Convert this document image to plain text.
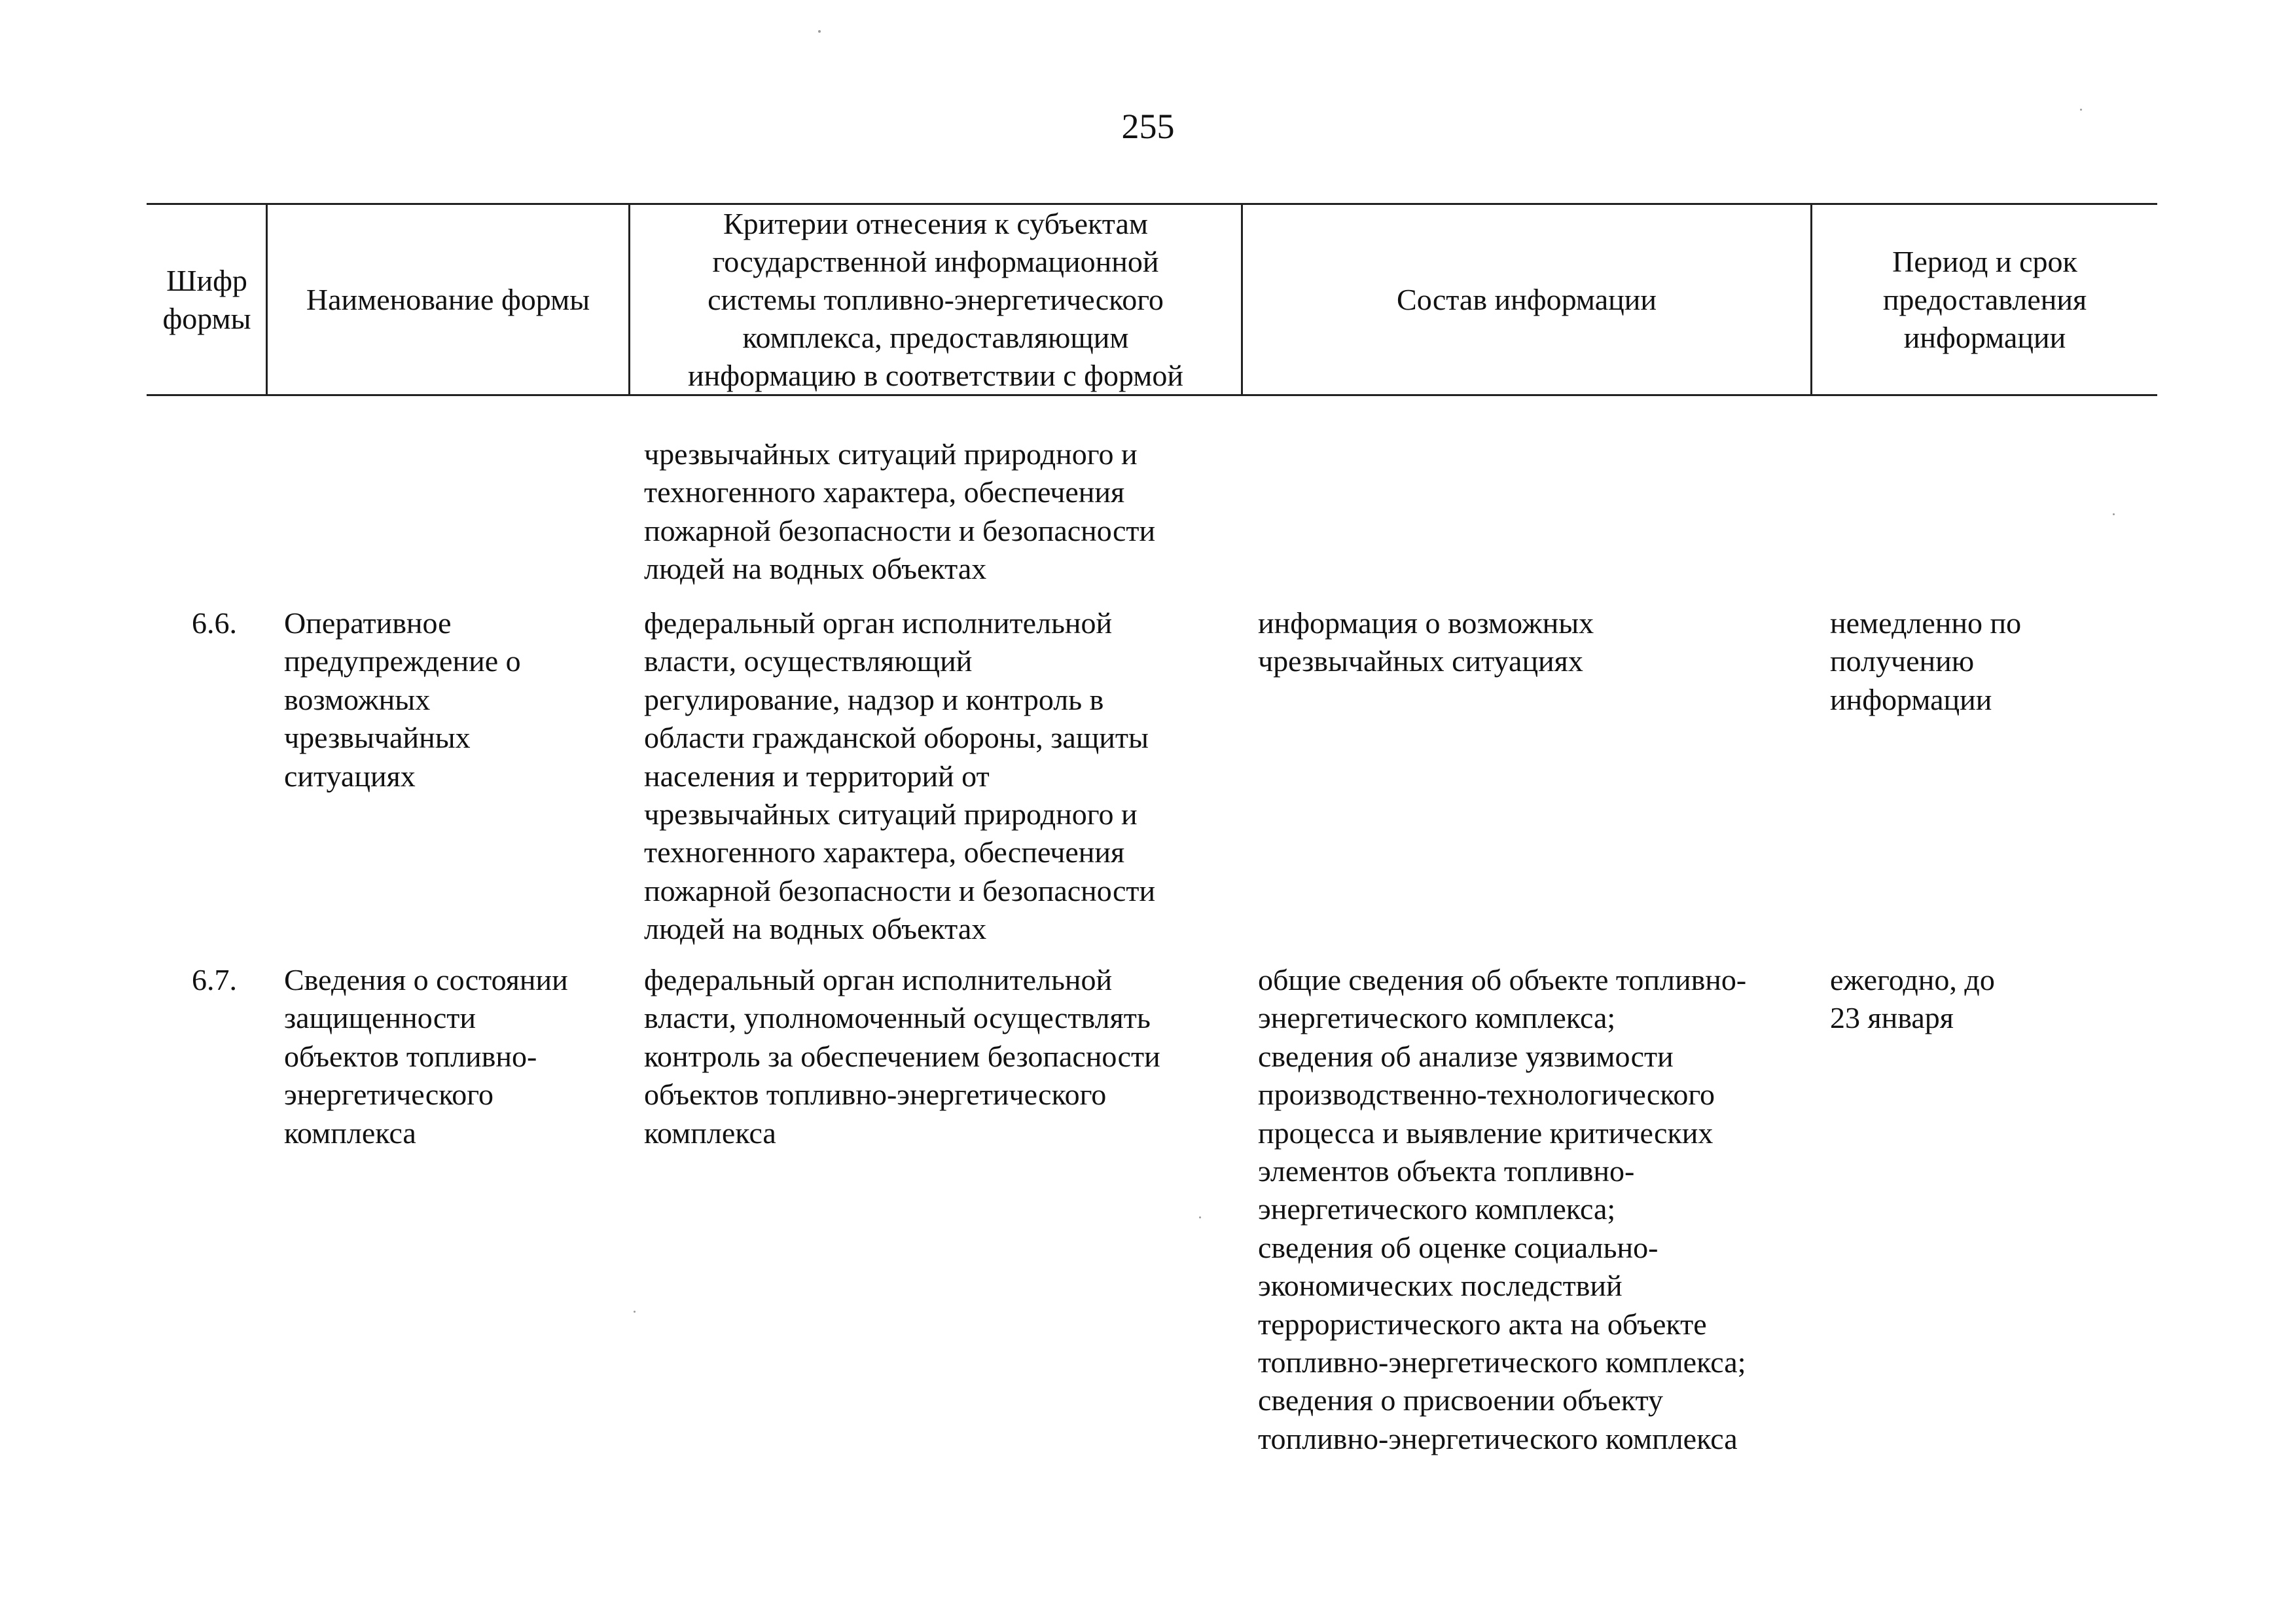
255
Шифр
формы
Наименование формы
Критерии отнесения к субъектам
государственной информационной
системы топливно-энергетического
комплекса, предоставляющим
информацию в соответствии с формой
Состав информации
Период и срок
предоставления
информации
чрезвычайных ситуаций природного и
техногенного характера, обеспечения
пожарной безопасности и безопасности
людей на водных объектах
6.6. Оперативное
предупреждение о
возможных
чрезвычайных
ситуациях
федеральный орган исполнительной
власти, осуществляющий
регулирование, надзор и контроль в
области гражданской обороны, защиты
населения и территорий от
чрезвычайных ситуаций природного и
техногенного характера, обеспечения
пожарной безопасности и безопасности
людей на водных объектах
информация о возможных
чрезвычайных ситуациях
немедленно по
получению
информации
6.7. Сведения о состоянии
защищенности
объектов топливно-
энергетического
комплекса
федеральный орган исполнительной
власти, уполномоченный осуществлять
контроль за обеспечением безопасности
объектов топливно-энергетического
комплекса
общие сведения об объекте топливно-
энергетического комплекса;
сведения об анализе уязвимости
производственно-технологического
процесса и выявление критических
элементов объекта топливно-
энергетического комплекса;
сведения об оценке социально-
экономических последствий
террористического акта на объекте
топливно-энергетического комплекса;
сведения о присвоении объекту
топливно-энергетического комплекса
ежегодно, до
23 января
